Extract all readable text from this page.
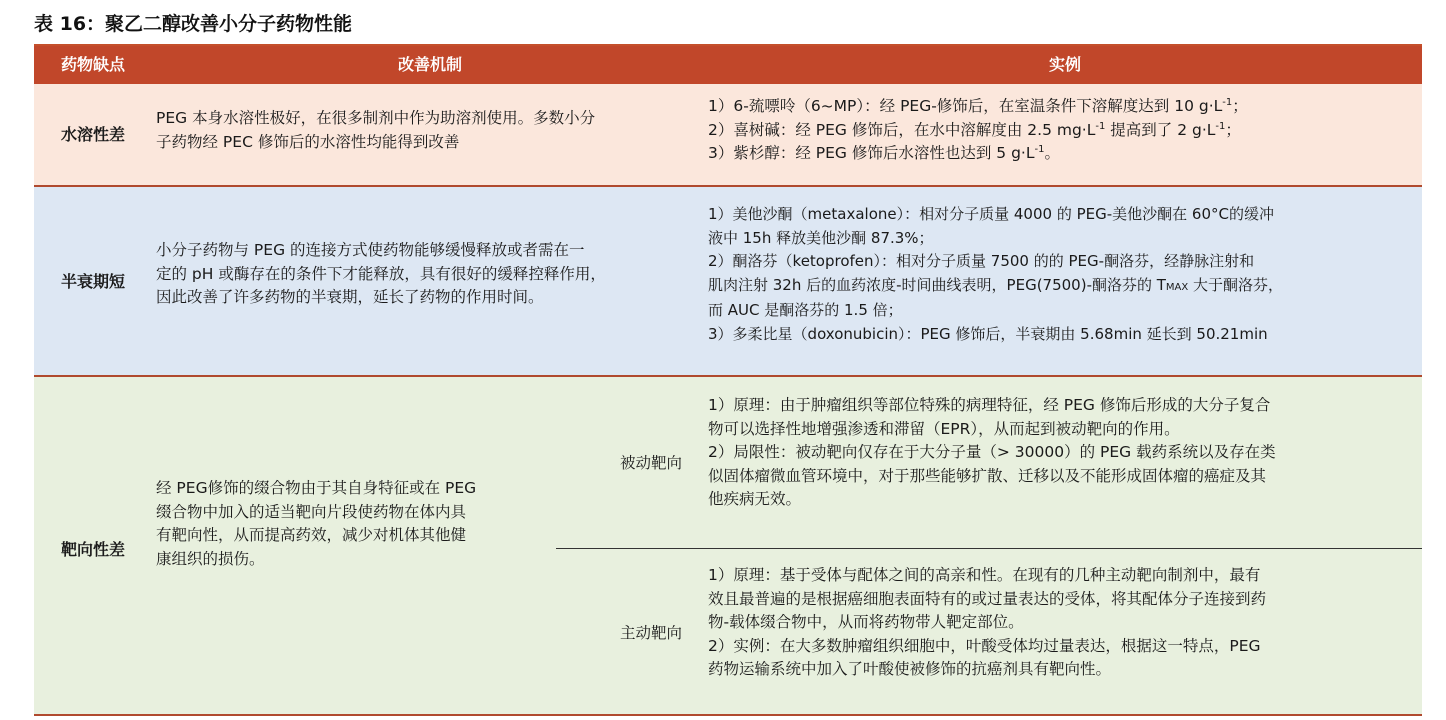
表 16：聚乙二醇改善小分子药物性能
药物缺点	改善机制	实例
水溶性差
PEG 本身水溶性极好，在很多制剂中作为助溶剂使用。多数小分
子药物经 PEC 修饰后的水溶性均能得到改善
1）6-巯嘌呤（6~MP）：经 PEG-修饰后，在室温条件下溶解度达到 10 $g\cdot L^{-1}$；
2）喜树碱：经 PEG 修饰后，在水中溶解度由 2.5 $mg\cdot L^{-1}$ 提高到了 2 $g\cdot L^{-1}$；
3）紫杉醇：经 PEG 修饰后水溶性也达到 5 $g\cdot L^{-1}$。
半衰期短
小分子药物与 PEG 的连接方式使药物能够缓慢释放或者需在一
定的 pH 或酶存在的条件下才能释放，具有很好的缓释控释作用，
因此改善了许多药物的半衰期，延长了药物的作用时间。
1）美他沙酮（metaxalone）：相对分子质量 4000 的 PEG-美他沙酮在 60°C的缓冲
液中 15h 释放美他沙酮 87.3%；
2）酮洛芬（ketoprofen）：相对分子质量 7500 的的 PEG-酮洛芬，经静脉注射和
肌肉注射 32h 后的血药浓度-时间曲线表明，PEG(7500)-酮洛芬的 TMAX 大于酮洛芬，
而 AUC 是酮洛芬的 1.5 倍；
3）多柔比星（doxonubicin）：PEG 修饰后，半衰期由 5.68min 延长到 50.21min
靶向性差
经 PEG修饰的缀合物由于其自身特征或在 PEG
缀合物中加入的适当靶向片段使药物在体内具
有靶向性，从而提高药效，减少对机体其他健
康组织的损伤。
被动靶向
1）原理：由于肿瘤组织等部位特殊的病理特征，经 PEG 修饰后形成的大分子复合
物可以选择性地增强渗透和滞留（EPR），从而起到被动靶向的作用。
2）局限性：被动靶向仅存在于大分子量（> 30000）的 PEG 载药系统以及存在类
似固体瘤微血管环境中，对于那些能够扩散、迁移以及不能形成固体瘤的癌症及其
他疾病无效。
主动靶向
1）原理：基于受体与配体之间的高亲和性。在现有的几种主动靶向制剂中，最有
效且最普遍的是根据癌细胞表面特有的或过量表达的受体，将其配体分子连接到药
物-载体缀合物中，从而将药物带人靶定部位。
2）实例：在大多数肿瘤组织细胞中，叶酸受体均过量表达，根据这一特点，PEG
药物运输系统中加入了叶酸使被修饰的抗癌剂具有靶向性。
